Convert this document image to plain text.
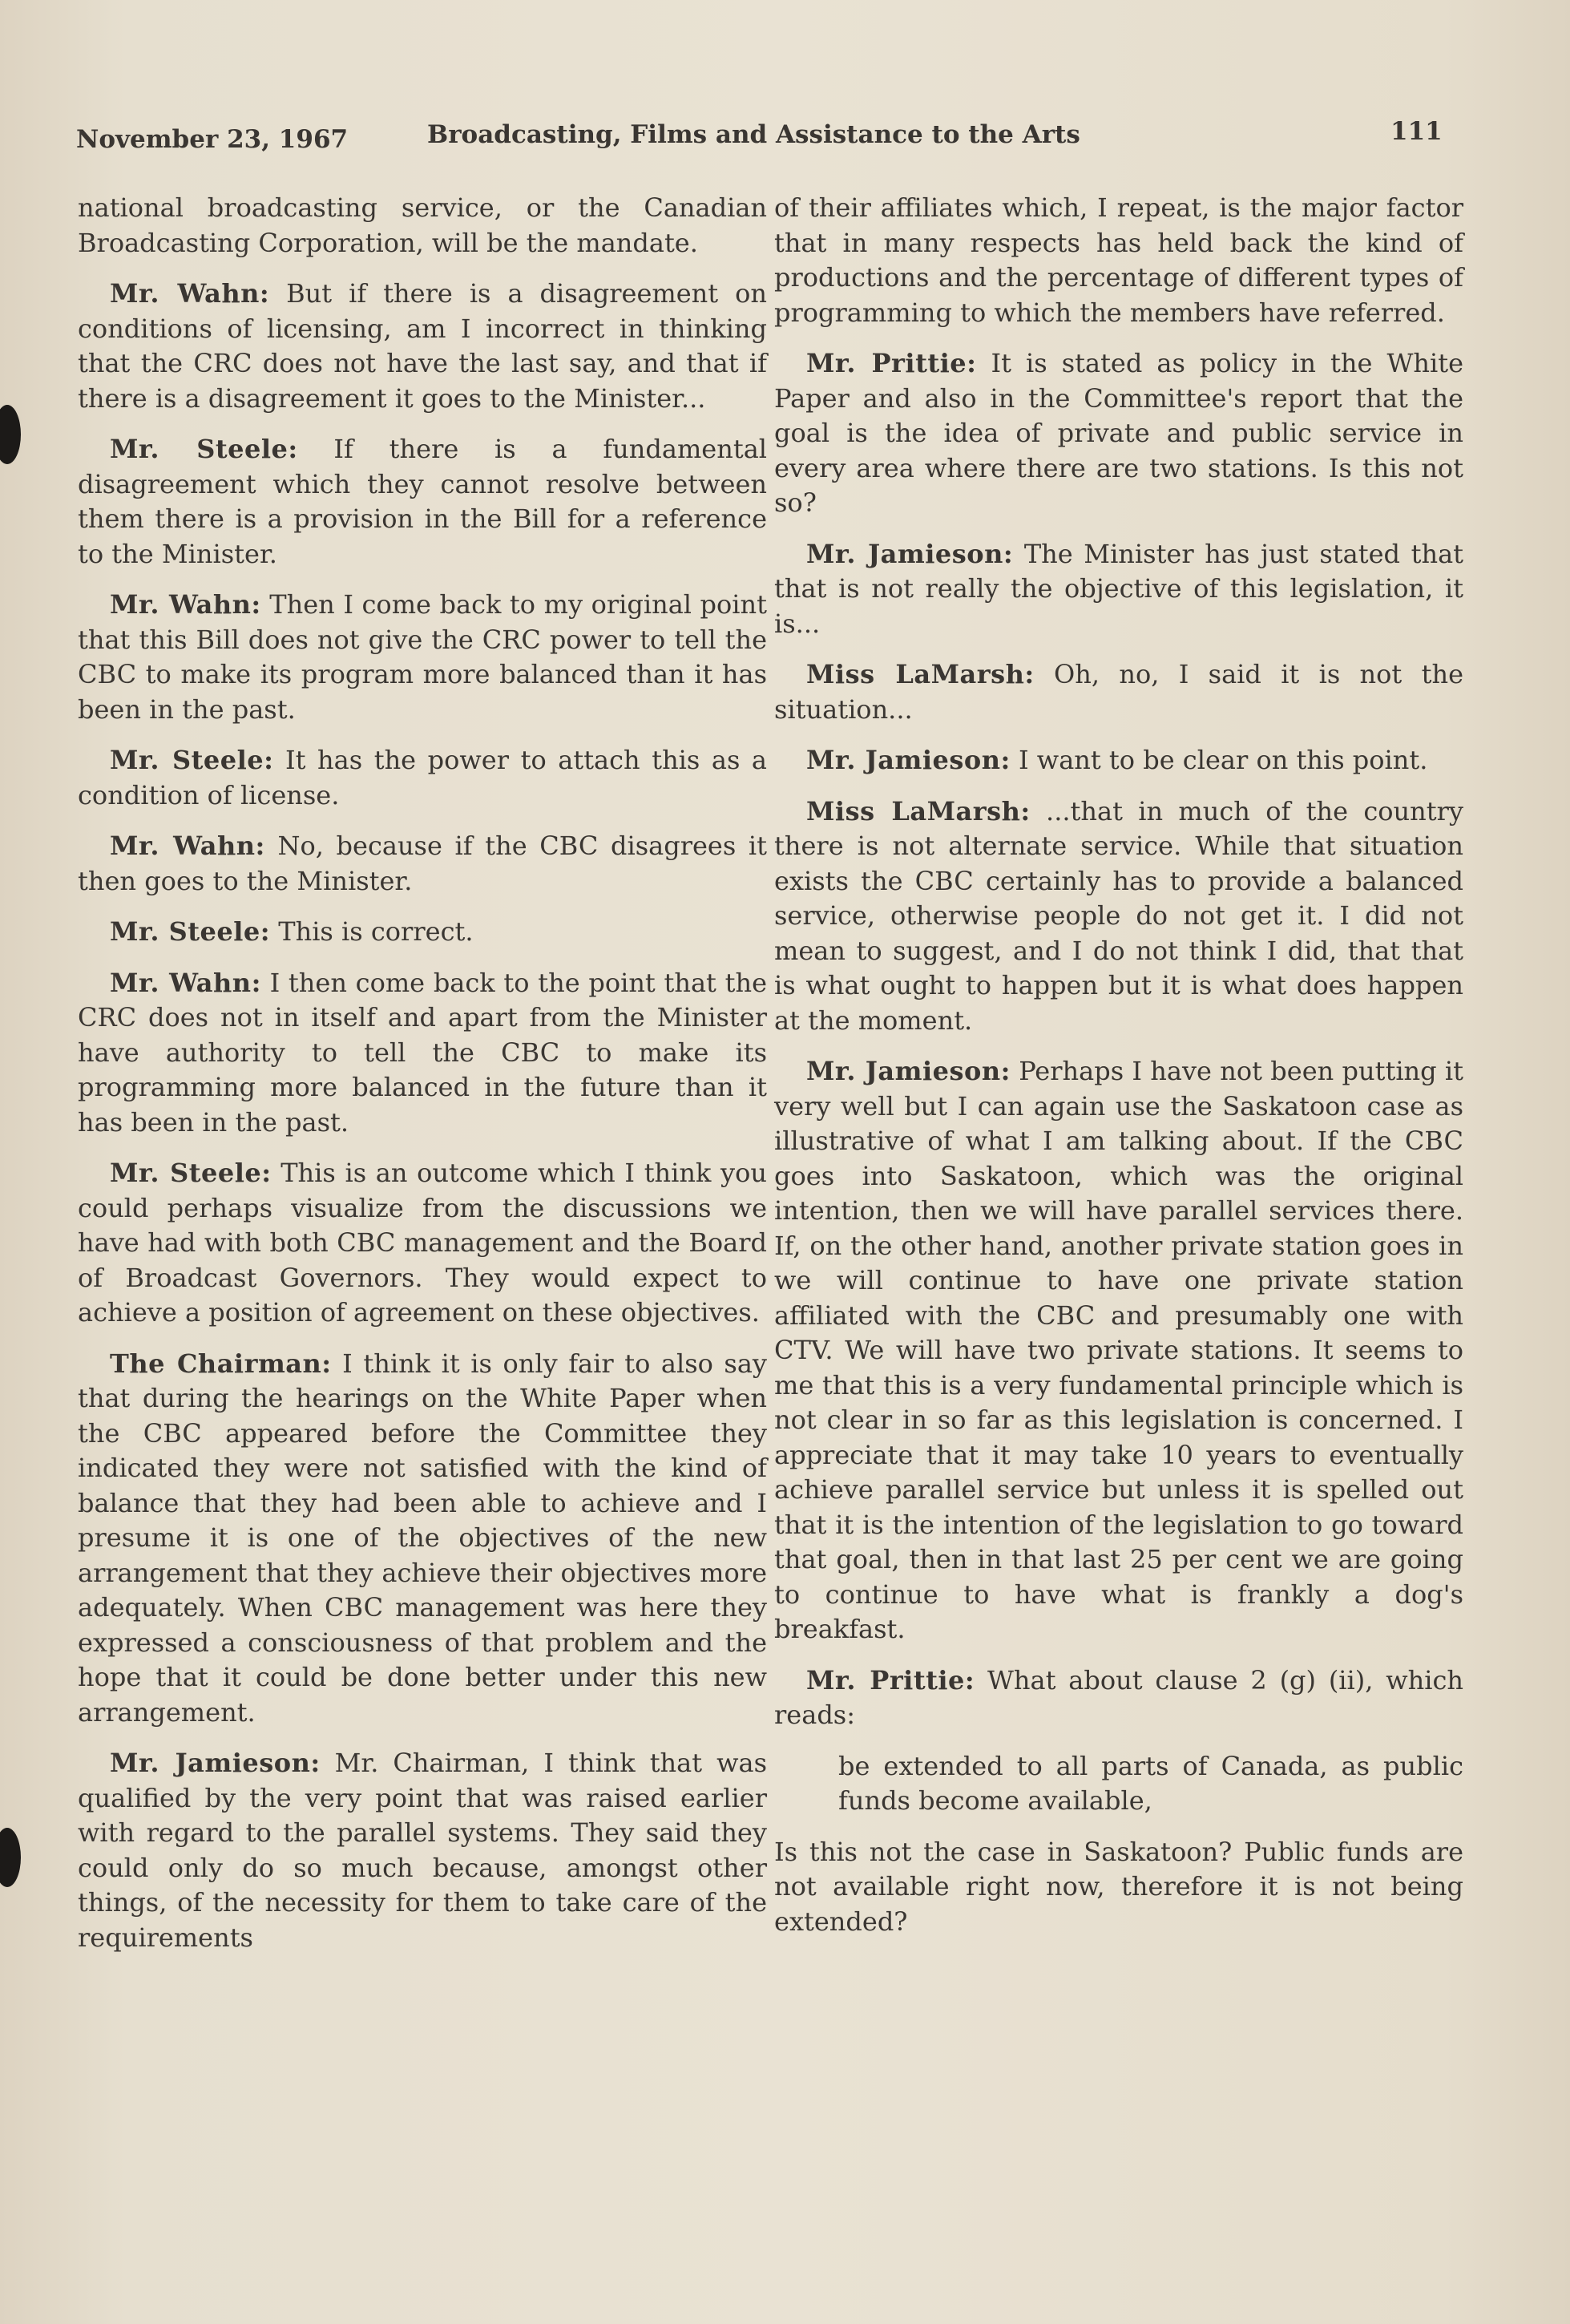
November 23, 1967	Broadcasting, Films and Assistance to the Arts	111

national broadcasting service, or the Canadian Broadcasting Corporation, will be the mandate.

Mr. Wahn: But if there is a disagreement on conditions of licensing, am I incorrect in thinking that the CRC does not have the last say, and that if there is a disagreement it goes to the Minister...

Mr. Steele: If there is a fundamental disagreement which they cannot resolve between them there is a provision in the Bill for a reference to the Minister.

Mr. Wahn: Then I come back to my original point that this Bill does not give the CRC power to tell the CBC to make its program more balanced than it has been in the past.

Mr. Steele: It has the power to attach this as a condition of license.

Mr. Wahn: No, because if the CBC disagrees it then goes to the Minister.

Mr. Steele: This is correct.

Mr. Wahn: I then come back to the point that the CRC does not in itself and apart from the Minister have authority to tell the CBC to make its programming more balanced in the future than it has been in the past.

Mr. Steele: This is an outcome which I think you could perhaps visualize from the discussions we have had with both CBC management and the Board of Broadcast Governors. They would expect to achieve a position of agreement on these objectives.

The Chairman: I think it is only fair to also say that during the hearings on the White Paper when the CBC appeared before the Committee they indicated they were not satisfied with the kind of balance that they had been able to achieve and I presume it is one of the objectives of the new arrangement that they achieve their objectives more adequately. When CBC management was here they expressed a consciousness of that problem and the hope that it could be done better under this new arrangement.

Mr. Jamieson: Mr. Chairman, I think that was qualified by the very point that was raised earlier with regard to the parallel systems. They said they could only do so much because, amongst other things, of the necessity for them to take care of the requirements

of their affiliates which, I repeat, is the major factor that in many respects has held back the kind of productions and the percentage of different types of programming to which the members have referred.

Mr. Prittie: It is stated as policy in the White Paper and also in the Committee's report that the goal is the idea of private and public service in every area where there are two stations. Is this not so?

Mr. Jamieson: The Minister has just stated that that is not really the objective of this legislation, it is...

Miss LaMarsh: Oh, no, I said it is not the situation...

Mr. Jamieson: I want to be clear on this point.

Miss LaMarsh: ...that in much of the country there is not alternate service. While that situation exists the CBC certainly has to provide a balanced service, otherwise people do not get it. I did not mean to suggest, and I do not think I did, that that is what ought to happen but it is what does happen at the moment.

Mr. Jamieson: Perhaps I have not been putting it very well but I can again use the Saskatoon case as illustrative of what I am talking about. If the CBC goes into Saskatoon, which was the original intention, then we will have parallel services there. If, on the other hand, another private station goes in we will continue to have one private station affiliated with the CBC and presumably one with CTV. We will have two private stations. It seems to me that this is a very fundamental principle which is not clear in so far as this legislation is concerned. I appreciate that it may take 10 years to eventually achieve parallel service but unless it is spelled out that it is the intention of the legislation to go toward that goal, then in that last 25 per cent we are going to continue to have what is frankly a dog's breakfast.

Mr. Prittie: What about clause 2 (g) (ii), which reads:

be extended to all parts of Canada, as public funds become available,

Is this not the case in Saskatoon? Public funds are not available right now, therefore it is not being extended?
